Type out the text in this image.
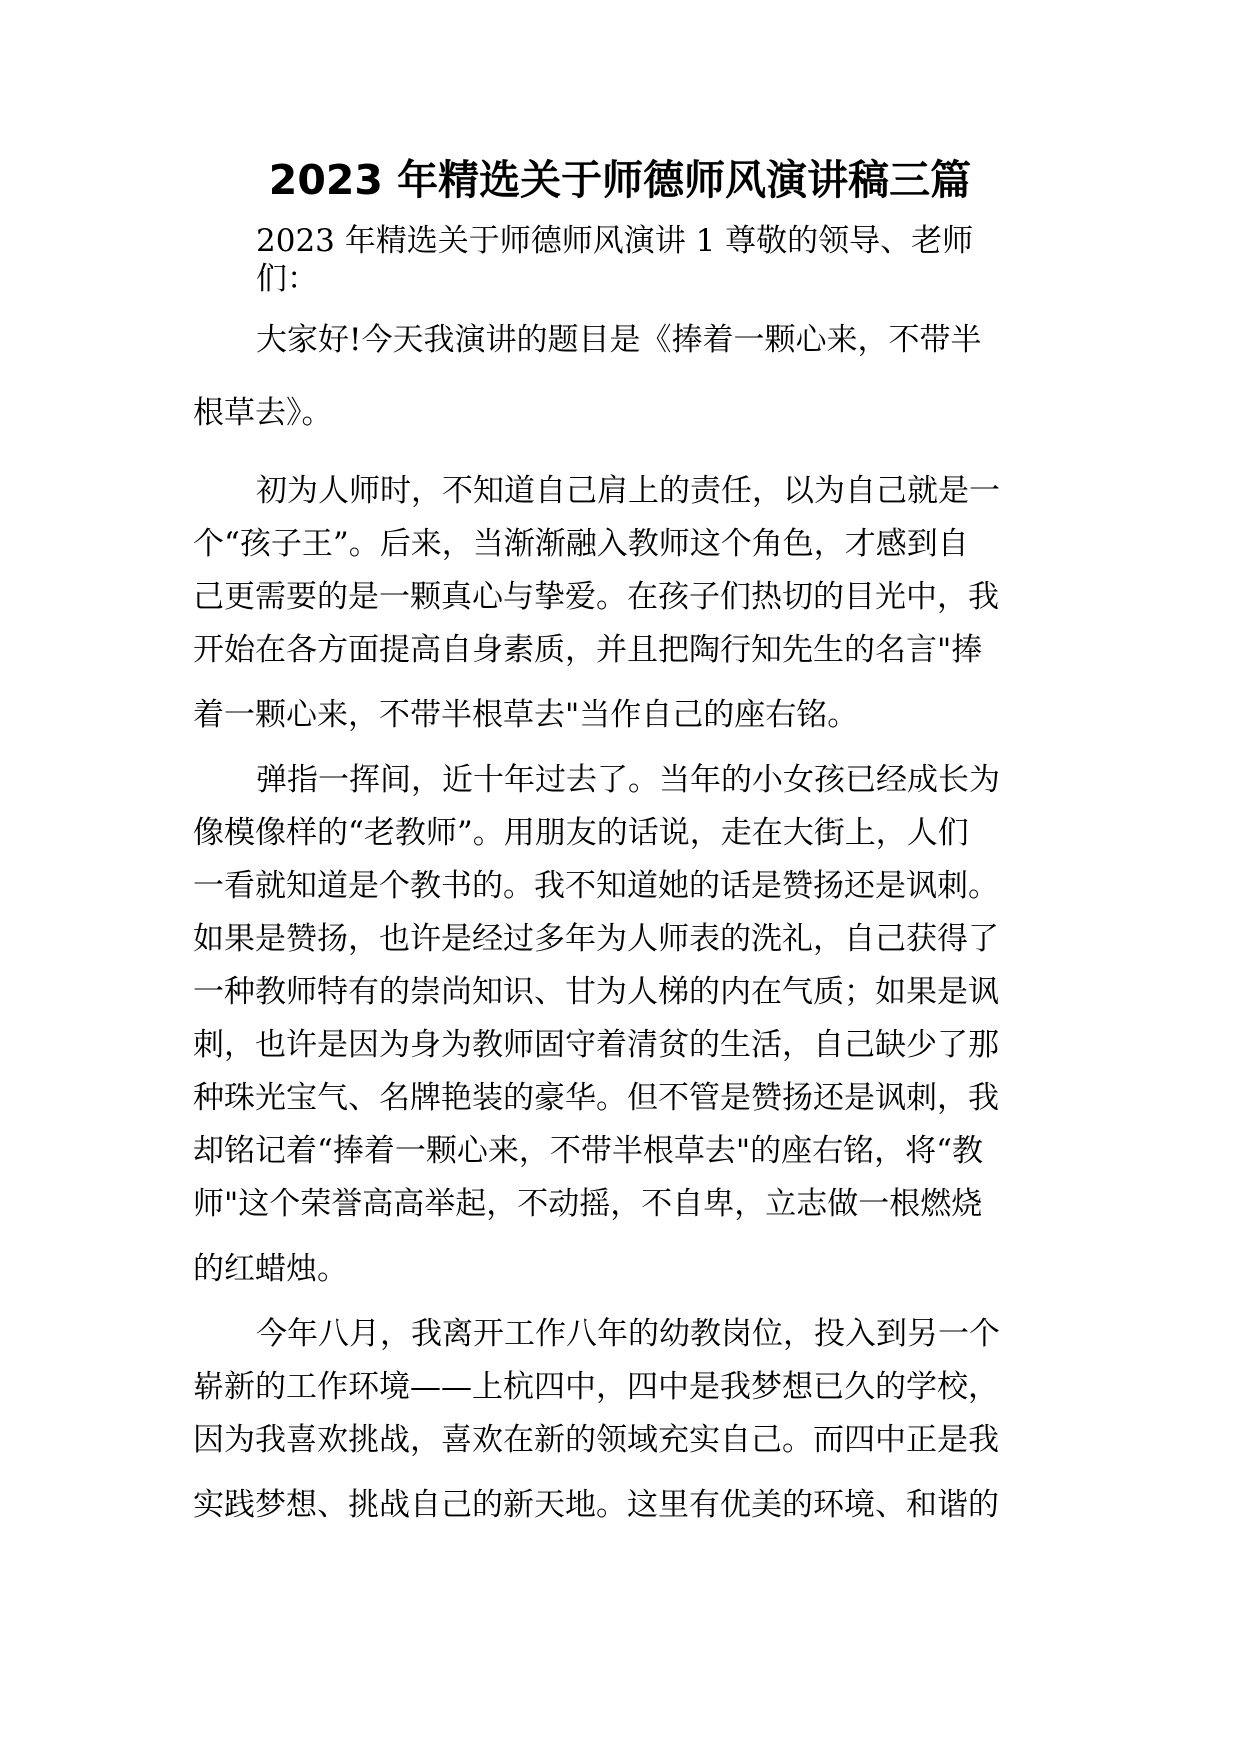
2023 年精选关于师德师风演讲稿三篇
2023 年精选关于师德师风演讲 1 尊敬的领导、老师
们：
大家好!今天我演讲的题目是《捧着一颗心来，不带半
根草去》。
初为人师时，不知道自己肩上的责任，以为自己就是一
个“孩子王”。后来，当渐渐融入教师这个角色，才感到自
己更需要的是一颗真心与挚爱。在孩子们热切的目光中，我
开始在各方面提高自身素质，并且把陶行知先生的名言"捧
着一颗心来，不带半根草去"当作自己的座右铭。
弹指一挥间，近十年过去了。当年的小女孩已经成长为
像模像样的“老教师”。用朋友的话说，走在大街上，人们
一看就知道是个教书的。我不知道她的话是赞扬还是讽刺。
如果是赞扬，也许是经过多年为人师表的洗礼，自己获得了
一种教师特有的崇尚知识、甘为人梯的内在气质；如果是讽
刺，也许是因为身为教师固守着清贫的生活，自己缺少了那
种珠光宝气、名牌艳装的豪华。但不管是赞扬还是讽刺，我
却铭记着“捧着一颗心来，不带半根草去"的座右铭，将“教
师"这个荣誉高高举起，不动摇，不自卑，立志做一根燃烧
的红蜡烛。
今年八月，我离开工作八年的幼教岗位，投入到另一个
崭新的工作环境——上杭四中，四中是我梦想已久的学校，
因为我喜欢挑战，喜欢在新的领域充实自己。而四中正是我
实践梦想、挑战自己的新天地。这里有优美的环境、和谐的
